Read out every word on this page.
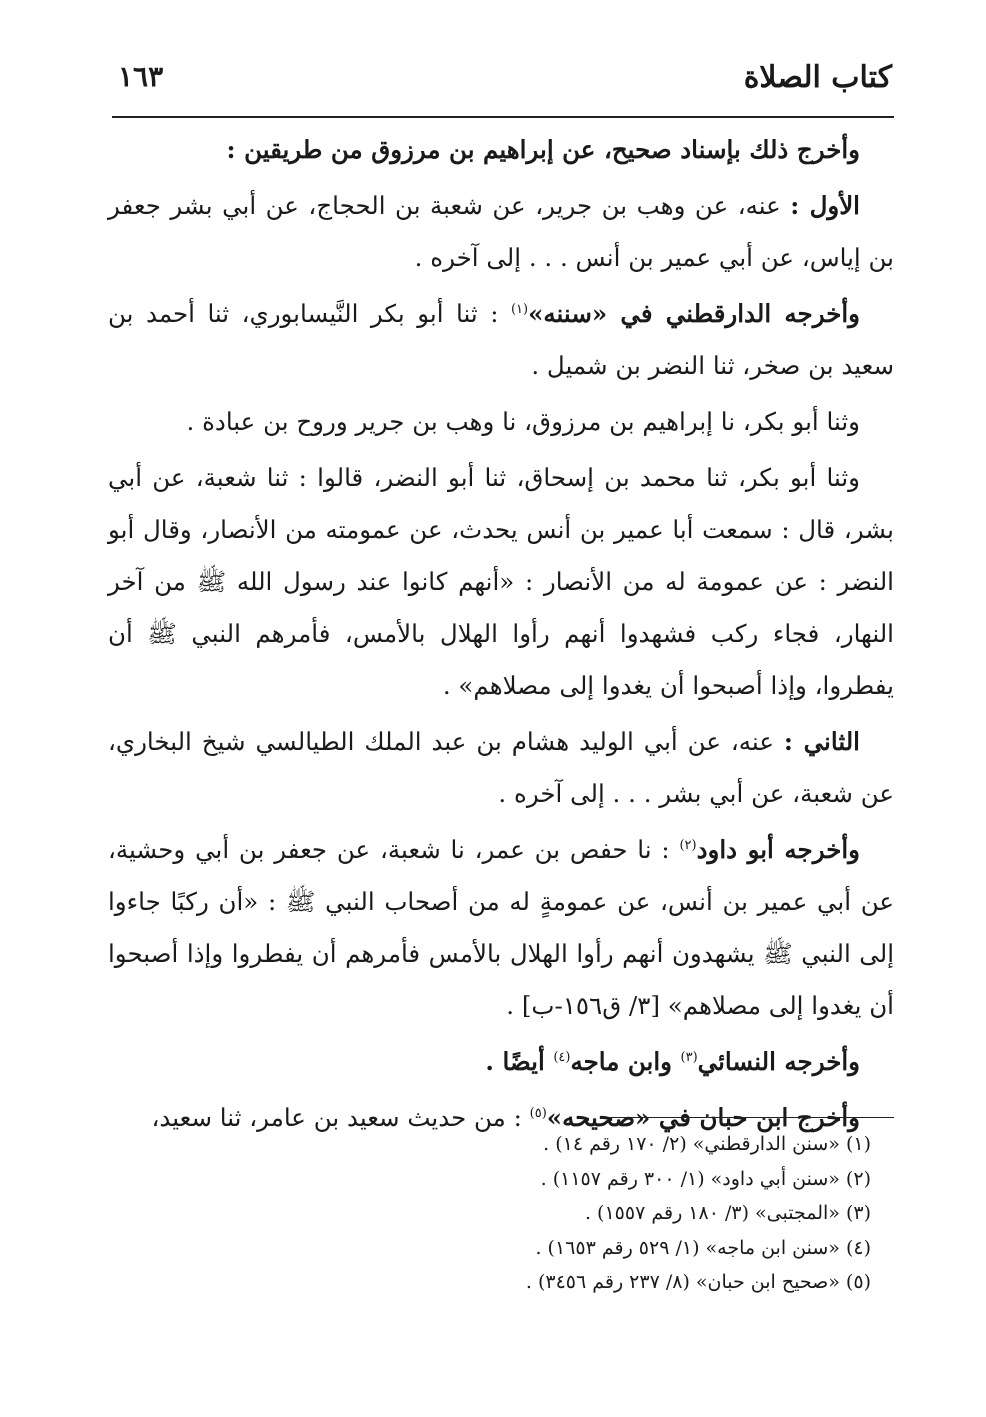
كتاب الصلاة
١٦٣

وأخرج ذلك بإسناد صحيح، عن إبراهيم بن مرزوق من طريقين :

الأول : عنه، عن وهب بن جرير، عن شعبة بن الحجاج، عن أبي بشر جعفر بن إياس، عن أبي عمير بن أنس . . . إلى آخره .

وأخرجه الدارقطني في «سننه»$^{(١)}$ : ثنا أبو بكر النَّيسابوري، ثنا أحمد بن سعيد بن صخر، ثنا النضر بن شميل .

وثنا أبو بكر، نا إبراهيم بن مرزوق، نا وهب بن جرير وروح بن عبادة .

وثنا أبو بكر، ثنا محمد بن إسحاق، ثنا أبو النضر، قالوا : ثنا شعبة، عن أبي بشر، قال : سمعت أبا عمير بن أنس يحدث، عن عمومته من الأنصار، وقال أبو النضر : عن عمومة له من الأنصار : «أنهم كانوا عند رسول الله ﷺ من آخر النهار، فجاء ركب فشهدوا أنهم رأوا الهلال بالأمس، فأمرهم النبي ﷺ أن يفطروا، وإذا أصبحوا أن يغدوا إلى مصلاهم» .

الثاني : عنه، عن أبي الوليد هشام بن عبد الملك الطيالسي شيخ البخاري، عن شعبة، عن أبي بشر . . . إلى آخره .

وأخرجه أبو داود$^{(٢)}$ : نا حفص بن عمر، نا شعبة، عن جعفر بن أبي وحشية، عن أبي عمير بن أنس، عن عمومةٍ له من أصحاب النبي ﷺ : «أن ركبًا جاءوا إلى النبي ﷺ يشهدون أنهم رأوا الهلال بالأمس فأمرهم أن يفطروا وإذا أصبحوا أن يغدوا إلى مصلاهم» [٣/ ق١٥٦-ب] .

وأخرجه النسائي$^{(٣)}$ وابن ماجه$^{(٤)}$ أيضًا .

وأخرج ابن حبان في «صحيحه»$^{(٥)}$ : من حديث سعيد بن عامر، ثنا سعيد،

(١) «سنن الدارقطني» (٢/ ١٧٠ رقم ١٤) .
(٢) «سنن أبي داود» (١/ ٣٠٠ رقم ١١٥٧) .
(٣) «المجتبى» (٣/ ١٨٠ رقم ١٥٥٧) .
(٤) «سنن ابن ماجه» (١/ ٥٢٩ رقم ١٦٥٣) .
(٥) «صحيح ابن حبان» (٨/ ٢٣٧ رقم ٣٤٥٦) .
